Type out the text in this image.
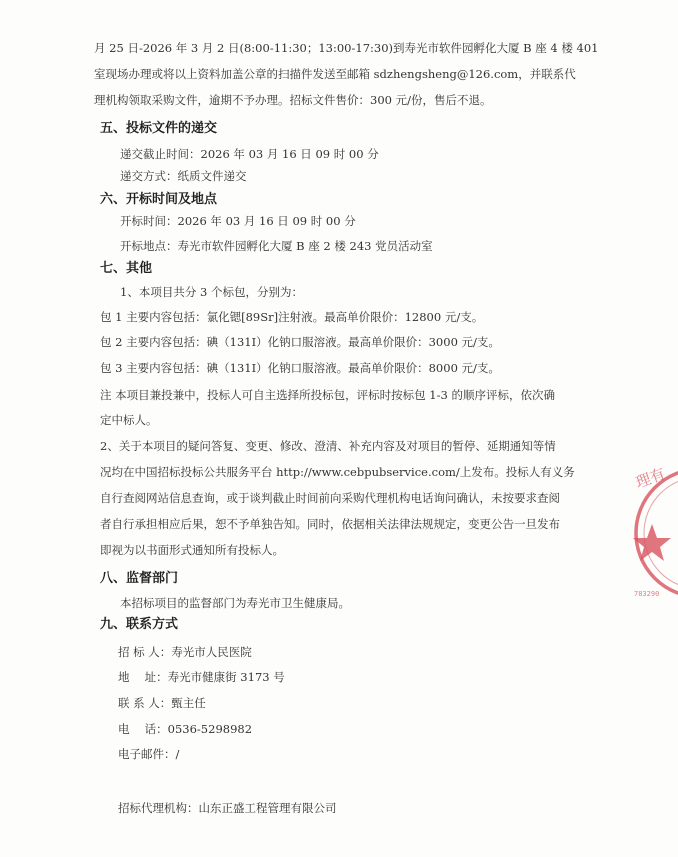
月 25 日-2026 年 3 月 2 日(8:00-11:30；13:00-17:30)到寿光市软件园孵化大厦 B 座 4 楼 401
室现场办理或将以上资料加盖公章的扫描件发送至邮箱 sdzhengsheng@126.com，并联系代
理机构领取采购文件，逾期不予办理。招标文件售价：300 元/份，售后不退。
五、投标文件的递交
递交截止时间：2026 年 03 月 16 日 09 时 00 分
递交方式：纸质文件递交
六、开标时间及地点
开标时间：2026 年 03 月 16 日 09 时 00 分
开标地点：寿光市软件园孵化大厦 B 座 2 楼 243 党员活动室
七、其他
1、本项目共分 3 个标包，分别为：
包 1 主要内容包括：氯化锶[89Sr]注射液。最高单价限价：12800 元/支。
包 2 主要内容包括：碘（131I）化钠口服溶液。最高单价限价：3000 元/支。
包 3 主要内容包括：碘（131I）化钠口服溶液。最高单价限价：8000 元/支。
注 本项目兼投兼中，投标人可自主选择所投标包，评标时按标包 1-3 的顺序评标，依次确
定中标人。
2、关于本项目的疑问答复、变更、修改、澄清、补充内容及对项目的暂停、延期通知等情
况均在中国招标投标公共服务平台 http://www.cebpubservice.com/上发布。投标人有义务
自行查阅网站信息查询，或于谈判截止时间前向采购代理机构电话询问确认，未按要求查阅
者自行承担相应后果，恕不予单独告知。同时，依据相关法律法规规定，变更公告一旦发布
即视为以书面形式通知所有投标人。
八、监督部门
本招标项目的监督部门为寿光市卫生健康局。
九、联系方式
招 标 人：寿光市人民医院
地　 址：寿光市健康街 3173 号
联 系 人：甄主任
电　 话：0536-5298982
电子邮件：/
招标代理机构：山东正盛工程管理有限公司
理有
783290
